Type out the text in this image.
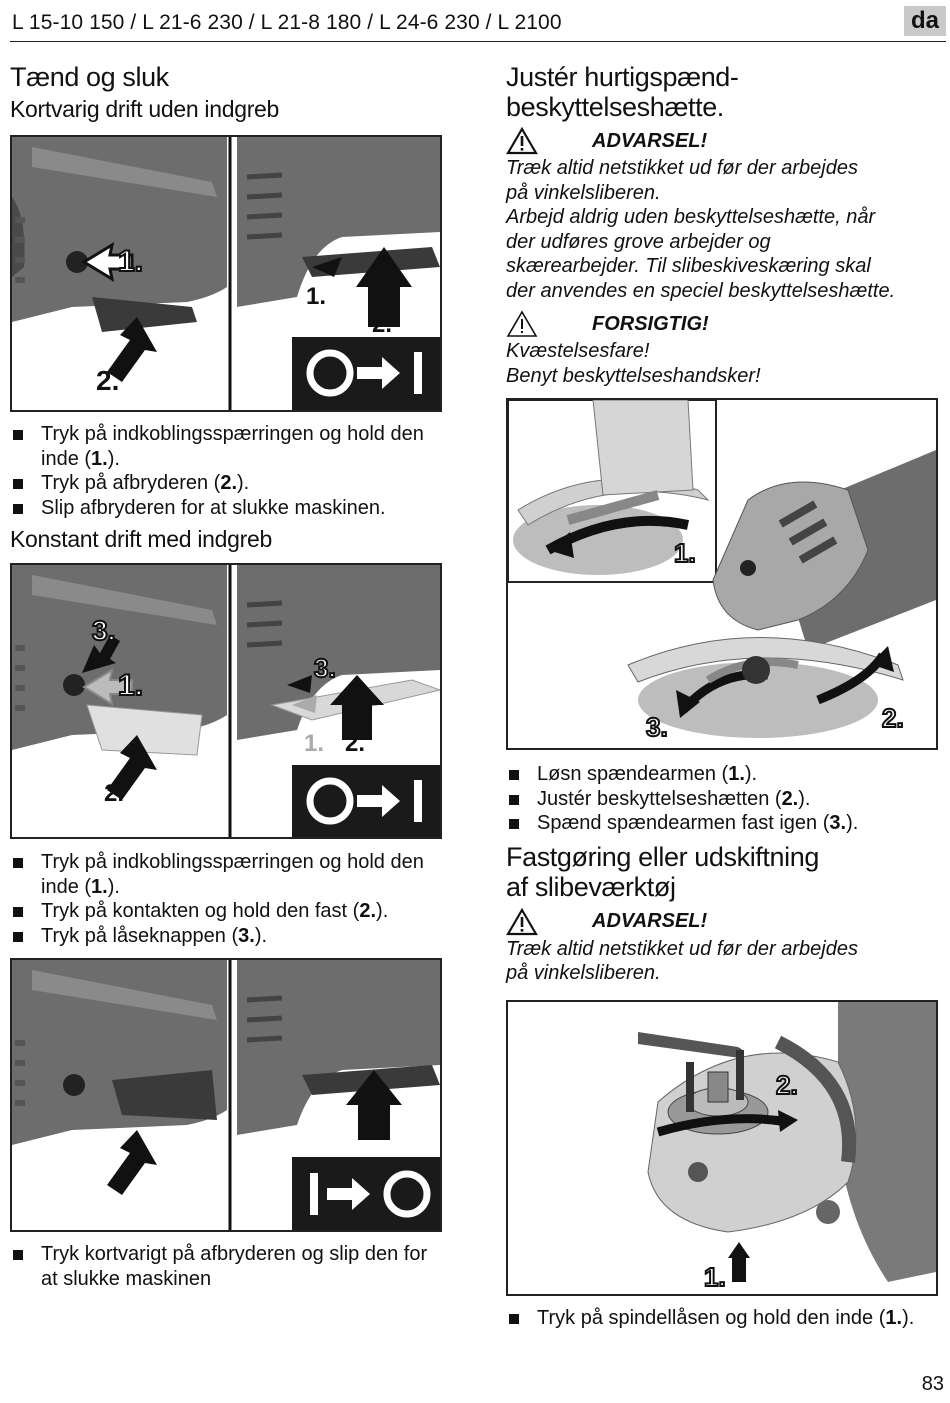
L 15-10 150 / L 21-6 230 / L 21-8 180 / L 24-6 230 / L 2100	da
Tænd og sluk
Kortvarig drift uden indgreb
1.
2.
1.
2.
Tryk på indkoblingsspærringen og hold den inde (1.).
Tryk på afbryderen (2.).
Slip afbryderen for at slukke maskinen.
Konstant drift med indgreb
3.
1.
2.
3.
1. 2.
Tryk på indkoblingsspærringen og hold den inde (1.).
Tryk på kontakten og hold den fast (2.).
Tryk på låseknappen (3.).
Tryk kortvarigt på afbryderen og slip den for at slukke maskinen
Justér hurtigspænd-
beskyttelseshætte.
ADVARSEL!

Træk altid netstikket ud før der arbejdes

på vinkelsliberen.

Arbejd aldrig uden beskyttelseshætte, når

der udføres grove arbejder og

skærearbejder. Til slibeskiveskæring skal

der anvendes en speciel beskyttelseshætte.

FORSIGTIG!

Kvæstelsesfare!

Benyt beskyttelseshandsker!

1.
2.
3.
Løsn spændearmen (1.).
Justér beskyttelseshætten (2.).
Spænd spændearmen fast igen (3.).
Fastgøring eller udskiftning
af slibeværktøj
ADVARSEL!

Træk altid netstikket ud før der arbejdes

på vinkelsliberen.

2.
1.
Tryk på spindellåsen og hold den inde (1.).
83
